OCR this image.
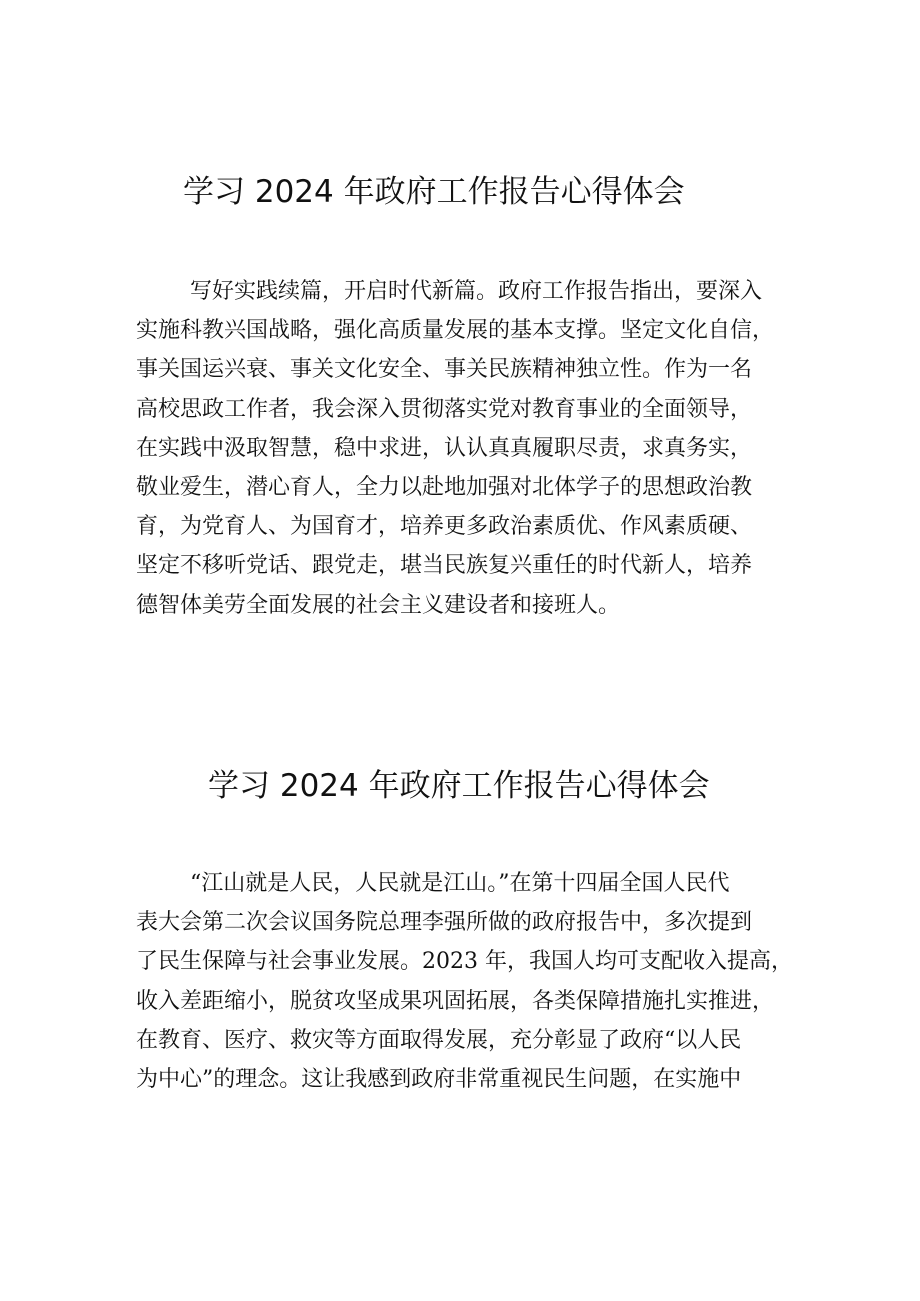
学习 2024 年政府工作报告心得体会
写好实践续篇，开启时代新篇。政府工作报告指出，要深入
实施科教兴国战略，强化高质量发展的基本支撑。坚定文化自信，
事关国运兴衰、事关文化安全、事关民族精神独立性。作为一名
高校思政工作者，我会深入贯彻落实党对教育事业的全面领导，
在实践中汲取智慧，稳中求进，认认真真履职尽责，求真务实，
敬业爱生，潜心育人，全力以赴地加强对北体学子的思想政治教
育，为党育人、为国育才，培养更多政治素质优、作风素质硬、
坚定不移听党话、跟党走，堪当民族复兴重任的时代新人，培养
德智体美劳全面发展的社会主义建设者和接班人。
学习 2024 年政府工作报告心得体会
“江山就是人民，人民就是江山。”在第十四届全国人民代
表大会第二次会议国务院总理李强所做的政府报告中，多次提到
了民生保障与社会事业发展。2023 年，我国人均可支配收入提高，
收入差距缩小，脱贫攻坚成果巩固拓展，各类保障措施扎实推进，
在教育、医疗、救灾等方面取得发展，充分彰显了政府“以人民
为中心”的理念。这让我感到政府非常重视民生问题，在实施中
